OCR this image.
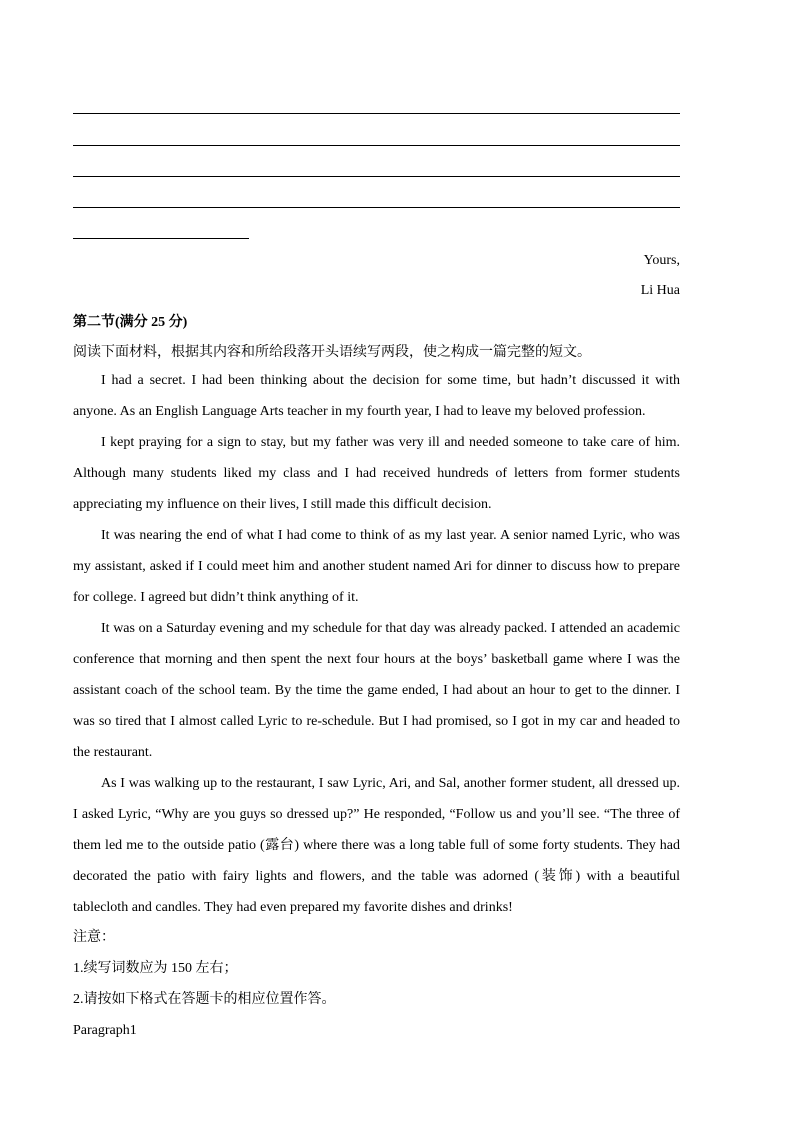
Yours,
Li Hua
第二节(满分 25 分)
阅读下面材料，根据其内容和所给段落开头语续写两段，使之构成一篇完整的短文。

I had a secret. I had been thinking about the decision for some time, but hadn’t discussed it with anyone. As an English Language Arts teacher in my fourth year, I had to leave my beloved profession.

I kept praying for a sign to stay, but my father was very ill and needed someone to take care of him. Although many students liked my class and I had received hundreds of letters from former students appreciating my influence on their lives, I still made this difficult decision.

It was nearing the end of what I had come to think of as my last year. A senior named Lyric, who was my assistant, asked if I could meet him and another student named Ari for dinner to discuss how to prepare for college. I agreed but didn’t think anything of it.

It was on a Saturday evening and my schedule for that day was already packed. I attended an academic conference that morning and then spent the next four hours at the boys’ basketball game where I was the assistant coach of the school team. By the time the game ended, I had about an hour to get to the dinner. I was so tired that I almost called Lyric to re-schedule. But I had promised, so I got in my car and headed to the restaurant.

As I was walking up to the restaurant, I saw Lyric, Ari, and Sal, another former student, all dressed up. I asked Lyric, “Why are you guys so dressed up?” He responded, “Follow us and you’ll see. “The three of them led me to the outside patio (露台) where there was a long table full of some forty students. They had decorated the patio with fairy lights and flowers, and the table was adorned (装饰) with a beautiful tablecloth and candles. They had even prepared my favorite dishes and drinks!

注意：
1.续写词数应为 150 左右；
2.请按如下格式在答题卡的相应位置作答。
Paragraph1
